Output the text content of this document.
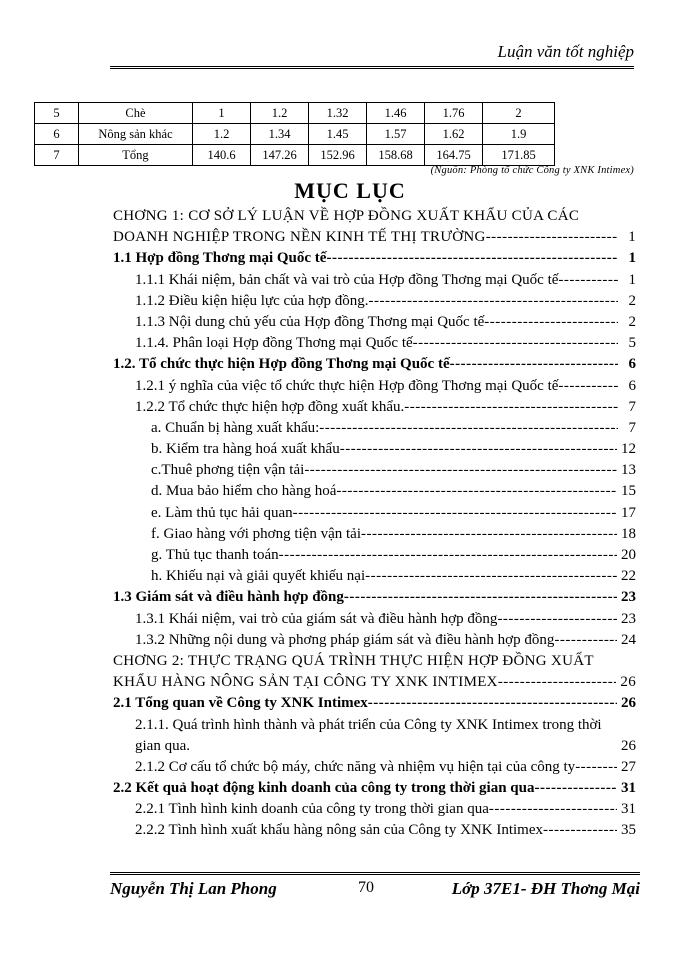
Luận văn tốt nghiệp
5	Chè	1	1.2	1.32	1.46	1.76	2
6	Nông sản khác	1.2	1.34	1.45	1.57	1.62	1.9
7	Tổng	140.6	147.26	152.96	158.68	164.75	171.85
(Nguồn: Phòng tổ chức Công ty XNK Intimex)
MỤC LỤC
CHƠNG 1: CƠ SỞ LÝ LUẬN VỀ HỢP ĐỒNG XUẤT KHẨU CỦA CÁC
DOANH NGHIỆP TRONG NỀN KINH TẾ THỊ TRƯỜNG -----	1
1.1 Hợp đồng Thơng mại Quốc tế -----	1
1.1.1 Khái niệm, bản chất và vai trò của Hợp đồng Thơng mại Quốc tế -----	1
1.1.2 Điều kiện hiệu lực của hợp đồng. -----	2
1.1.3 Nội dung chủ yếu của Hợp đồng Thơng mại Quốc tế -----	2
1.1.4. Phân loại Hợp đồng Thơng mại Quốc tế -----	5
1.2. Tổ chức thực hiện Hợp đồng Thơng mại Quốc tế -----	6
1.2.1 ý nghĩa của việc tổ chức thực hiện Hợp đồng Thơng mại Quốc tế -----	6
1.2.2 Tổ chức thực hiện hợp đồng xuất khẩu. -----	7
a. Chuẩn bị hàng xuất khẩu: -----	7
b. Kiểm tra hàng hoá xuất khẩu -----	12
c.Thuê phơng tiện vận tải -----	13
d. Mua bảo hiểm cho hàng hoá -----	15
e. Làm thủ tục hải quan -----	17
f. Giao hàng với phơng tiện vận tải -----	18
g. Thủ tục thanh toán -----	20
h. Khiếu nại và giải quyết khiếu nại -----	22
1.3 Giám sát và điều hành hợp đồng -----	23
1.3.1 Khái niệm, vai trò của giám sát và điều hành hợp đồng -----	23
1.3.2 Những nội dung và phơng pháp giám sát và điều hành hợp đồng -----	24
CHƠNG 2: THỰC TRẠNG QUÁ TRÌNH THỰC HIỆN HỢP ĐỒNG XUẤT
KHẨU HÀNG NÔNG SẢN TẠI CÔNG TY XNK INTIMEX -----	26
2.1 Tổng quan về Công ty XNK Intimex -----	26
2.1.1. Quá trình hình thành và phát triển của Công ty XNK Intimex trong thời
gian qua.	26
2.1.2 Cơ cấu tổ chức bộ máy, chức năng và nhiệm vụ hiện tại của công ty -----	27
2.2 Kết quả hoạt động kinh doanh của công ty trong thời gian qua -----	31
2.2.1 Tình hình kinh doanh của công ty trong thời gian qua -----	31
2.2.2 Tình hình xuất khẩu hàng nông sản của Công ty XNK Intimex -----	35
Nguyễn Thị Lan Phong	70	Lớp 37E1- ĐH Thơng Mại
